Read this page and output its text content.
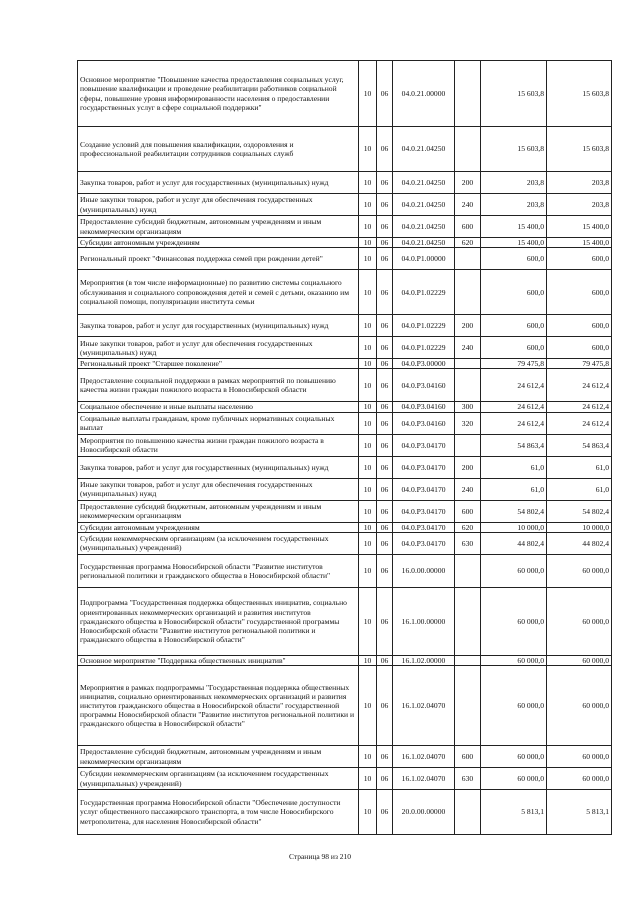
Основное мероприятие "Повышение качества предоставления социальных услуг, повышение квалификации и проведение реабилитации работников социальной сферы, повышение уровня информированности населения о предоставлении государственных услуг в сфере социальной поддержки"	10	06	04.0.21.00000		15 603,8	15 603,8
Создание условий для повышения квалификации, оздоровления и профессиональной реабилитации сотрудников социальных служб	10	06	04.0.21.04250		15 603,8	15 603,8
Закупка товаров, работ и услуг для государственных (муниципальных) нужд	10	06	04.0.21.04250	200	203,8	203,8
Иные закупки товаров, работ и услуг для обеспечения государственных (муниципальных) нужд	10	06	04.0.21.04250	240	203,8	203,8
Предоставление субсидий бюджетным, автономным учреждениям и иным некоммерческим организациям	10	06	04.0.21.04250	600	15 400,0	15 400,0
Субсидии автономным учреждениям	10	06	04.0.21.04250	620	15 400,0	15 400,0
Региональный проект "Финансовая поддержка семей при рождении детей"	10	06	04.0.P1.00000		600,0	600,0
Мероприятия (в том числе информационные) по развитию системы социального обслуживания и социального сопровождения детей и семей с детьми, оказанию им социальной помощи, популяризации института семьи	10	06	04.0.P1.02229		600,0	600,0
Закупка товаров, работ и услуг для государственных (муниципальных) нужд	10	06	04.0.P1.02229	200	600,0	600,0
Иные закупки товаров, работ и услуг для обеспечения государственных (муниципальных) нужд	10	06	04.0.P1.02229	240	600,0	600,0
Региональный проект "Старшее поколение"	10	06	04.0.P3.00000		79 475,8	79 475,8
Предоставление социальной поддержки в рамках мероприятий по повышению качества жизни граждан пожилого возраста в Новосибирской области	10	06	04.0.P3.04160		24 612,4	24 612,4
Социальное обеспечение и иные выплаты населению	10	06	04.0.P3.04160	300	24 612,4	24 612,4
Социальные выплаты гражданам, кроме публичных нормативных социальных выплат	10	06	04.0.P3.04160	320	24 612,4	24 612,4
Мероприятия по повышению качества жизни граждан пожилого возраста в Новосибирской области	10	06	04.0.P3.04170		54 863,4	54 863,4
Закупка товаров, работ и услуг для государственных (муниципальных) нужд	10	06	04.0.P3.04170	200	61,0	61,0
Иные закупки товаров, работ и услуг для обеспечения государственных (муниципальных) нужд	10	06	04.0.P3.04170	240	61,0	61,0
Предоставление субсидий бюджетным, автономным учреждениям и иным некоммерческим организациям	10	06	04.0.P3.04170	600	54 802,4	54 802,4
Субсидии автономным учреждениям	10	06	04.0.P3.04170	620	10 000,0	10 000,0
Субсидии некоммерческим организациям (за исключением государственных (муниципальных) учреждений)	10	06	04.0.P3.04170	630	44 802,4	44 802,4
Государственная программа Новосибирской области "Развитие институтов региональной политики и гражданского общества в Новосибирской области"	10	06	16.0.00.00000		60 000,0	60 000,0
Подпрограмма "Государственная поддержка общественных инициатив, социально ориентированных некоммерческих организаций и развития институтов гражданского общества в Новосибирской области" государственной программы Новосибирской области "Развитие институтов региональной политики и гражданского общества в Новосибирской области"	10	06	16.1.00.00000		60 000,0	60 000,0
Основное мероприятие "Поддержка общественных инициатив"	10	06	16.1.02.00000		60 000,0	60 000,0
Мероприятия в рамках подпрограммы "Государственная поддержка общественных инициатив, социально ориентированных некоммерческих организаций и развития институтов гражданского общества в Новосибирской области" государственной программы Новосибирской области "Развитие институтов региональной политики и гражданского общества в Новосибирской области"	10	06	16.1.02.04070		60 000,0	60 000,0
Предоставление субсидий бюджетным, автономным учреждениям и иным некоммерческим организациям	10	06	16.1.02.04070	600	60 000,0	60 000,0
Субсидии некоммерческим организациям (за исключением государственных (муниципальных) учреждений)	10	06	16.1.02.04070	630	60 000,0	60 000,0
Государственная программа Новосибирской области "Обеспечение доступности услуг общественного пассажирского транспорта, в том числе Новосибирского метрополитена, для населения Новосибирской области"	10	06	20.0.00.00000		5 813,1	5 813,1
Страница 98 из 210
